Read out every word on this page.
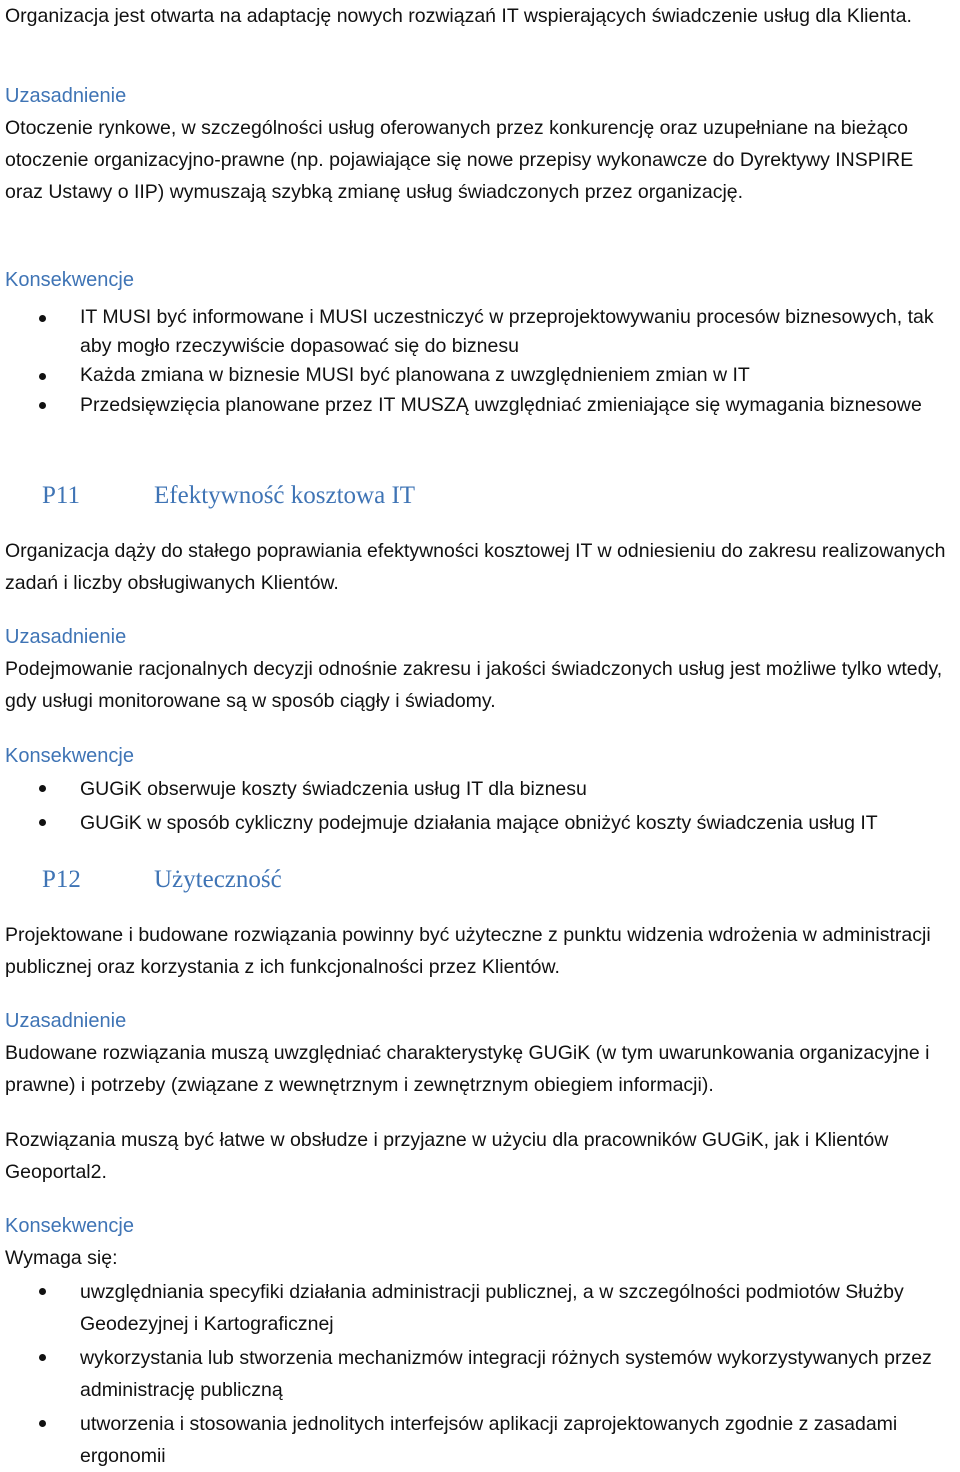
Organizacja jest otwarta na adaptację nowych rozwiązań IT wspierających świadczenie usług dla Klienta.

Uzasadnienie

Otoczenie rynkowe, w szczególności usług oferowanych przez konkurencję oraz uzupełniane na bieżąco otoczenie organizacyjno-prawne (np. pojawiające się nowe przepisy wykonawcze do Dyrektywy INSPIRE oraz Ustawy o IIP) wymuszają szybką zmianę usług świadczonych przez organizację.

Konsekwencje
IT MUSI być informowane i MUSI uczestniczyć w przeprojektowywaniu procesów biznesowych, tak aby mogło rzeczywiście dopasować się do biznesu
Każda zmiana w biznesie MUSI być planowana z uwzględnieniem zmian w IT
Przedsięwzięcia planowane przez IT MUSZĄ uwzględniać zmieniające się wymagania biznesowe
P11	Efektywność kosztowa IT

Organizacja dąży do stałego poprawiania efektywności kosztowej IT w odniesieniu do zakresu realizowanych zadań i liczby obsługiwanych Klientów.

Uzasadnienie

Podejmowanie racjonalnych decyzji odnośnie zakresu i jakości świadczonych usług jest możliwe tylko wtedy, gdy usługi monitorowane są w sposób ciągły i świadomy.

Konsekwencje
GUGiK obserwuje koszty świadczenia usług IT dla biznesu
GUGiK w sposób cykliczny podejmuje działania mające obniżyć koszty świadczenia usług IT
P12	Użyteczność

Projektowane i budowane rozwiązania powinny być użyteczne z punktu widzenia wdrożenia w administracji publicznej oraz korzystania z ich funkcjonalności przez Klientów.

Uzasadnienie

Budowane rozwiązania muszą uwzględniać charakterystykę GUGiK (w tym uwarunkowania organizacyjne i prawne) i potrzeby (związane z wewnętrznym i zewnętrznym obiegiem informacji).

Rozwiązania muszą być łatwe w obsłudze i przyjazne w użyciu dla pracowników GUGiK, jak i Klientów Geoportal2.

Konsekwencje

Wymaga się:

uwzględniania specyfiki działania administracji publicznej, a w szczególności podmiotów Służby Geodezyjnej i Kartograficznej
wykorzystania lub stworzenia mechanizmów integracji różnych systemów wykorzystywanych przez administrację publiczną
utworzenia i stosowania jednolitych interfejsów aplikacji zaprojektowanych zgodnie z zasadami ergonomii
